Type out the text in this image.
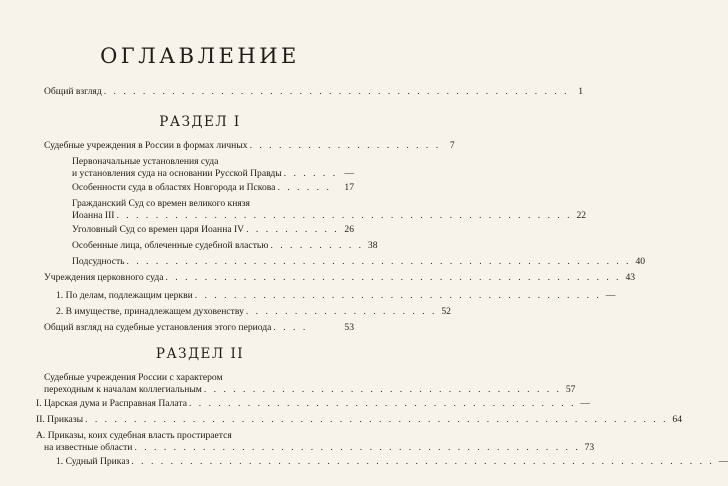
ОГЛАВЛЕНИЕ
Общий взгляд . . . . . . . . . . . . . . . . . . . . . . . . . . . . . . . . . . . . . . . . . . . . . . . . 1
РАЗДЕЛ I
Судебные учреждения в России в формах личных . . . . . . . . . . . . . . . . . . . . 7
Первоначальные установления суда
и установления суда на основании Русской Правды . . . . . . —
Особенности суда в областях Новгорода и Пскова . . . . . .	17
Гражданский Суд со времен великого князя
Иоанна III . . . . . . . . . . . . . . . . . . . . . . . . . . . . . . . . . . . . . . . . . . . . . . . 22
Уголовный Суд со времен царя Иоанна IV . . . . . . . . . . 26
Особенные лица, облеченные судебной властью . . . . . . . . . . 38
Подсудность . . . . . . . . . . . . . . . . . . . . . . . . . . . . . . . . . . . . . . . . . . . . . . . . . . . . 40
Учреждения церковного суда . . . . . . . . . . . . . . . . . . . . . . . . . . . . . . . . . . . . . . . . . . . . . . . 43
1. По делам, подлежащим церкви . . . . . . . . . . . . . . . . . . . . . . . . . . . . . . . . . . . . . . . . . . —
2. В имуществе, принадлежащем духовенству . . . . . . . . . . . . . . . . . . . . 52
Общий взгляд на судебные установления этого периода . . . .	53
РАЗДЕЛ II
Судебные учреждения России с характером
переходным к началам коллегиальным . . . . . . . . . . . . . . . . . . . . . . . . . . . . . . . . . . . . . 57
I. Царская дума и Расправная Палата . . . . . . . . . . . . . . . . . . . . . . . . . . . . . . . . . . . . . . . . —
II. Приказы . . . . . . . . . . . . . . . . . . . . . . . . . . . . . . . . . . . . . . . . . . . . . . . . . . . . . . . . . . . . 64
А. Приказы, коих судебная власть простирается
на известные области . . . . . . . . . . . . . . . . . . . . . . . . . . . . . . . . . . . . . . . . . . . . . . 73
1. Судный Приказ . . . . . . . . . . . . . . . . . . . . . . . . . . . . . . . . . . . . . . . . . . . . . . . . . . . . . . . . . . . . —
